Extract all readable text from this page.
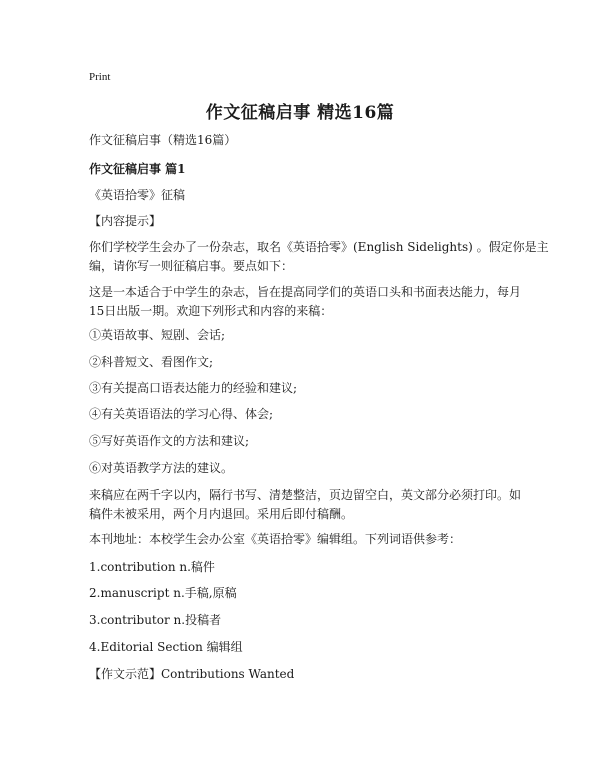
Print
作文征稿启事 精选16篇
作文征稿启事（精选16篇）
作文征稿启事 篇1
《英语拾零》征稿
【内容提示】
你们学校学生会办了一份杂志，取名《英语拾零》(English Sidelights) 。假定你是主
编，请你写一则征稿启事。要点如下：
这是一本适合于中学生的杂志，旨在提高同学们的英语口头和书面表达能力，每月
15日出版一期。欢迎下列形式和内容的来稿：
①英语故事、短剧、会话;
②科普短文、看图作文;
③有关提高口语表达能力的经验和建议;
④有关英语语法的学习心得、体会;
⑤写好英语作文的方法和建议;
⑥对英语教学方法的建议。
来稿应在两千字以内，隔行书写、清楚整洁，页边留空白，英文部分必须打印。如
稿件未被采用，两个月内退回。采用后即付稿酬。
本刊地址：本校学生会办公室《英语拾零》编辑组。下列词语供参考：
1.contribution n.稿件
2.manuscript n.手稿,原稿
3.contributor n.投稿者
4.Editorial Section 编辑组
【作文示范】Contributions Wanted
